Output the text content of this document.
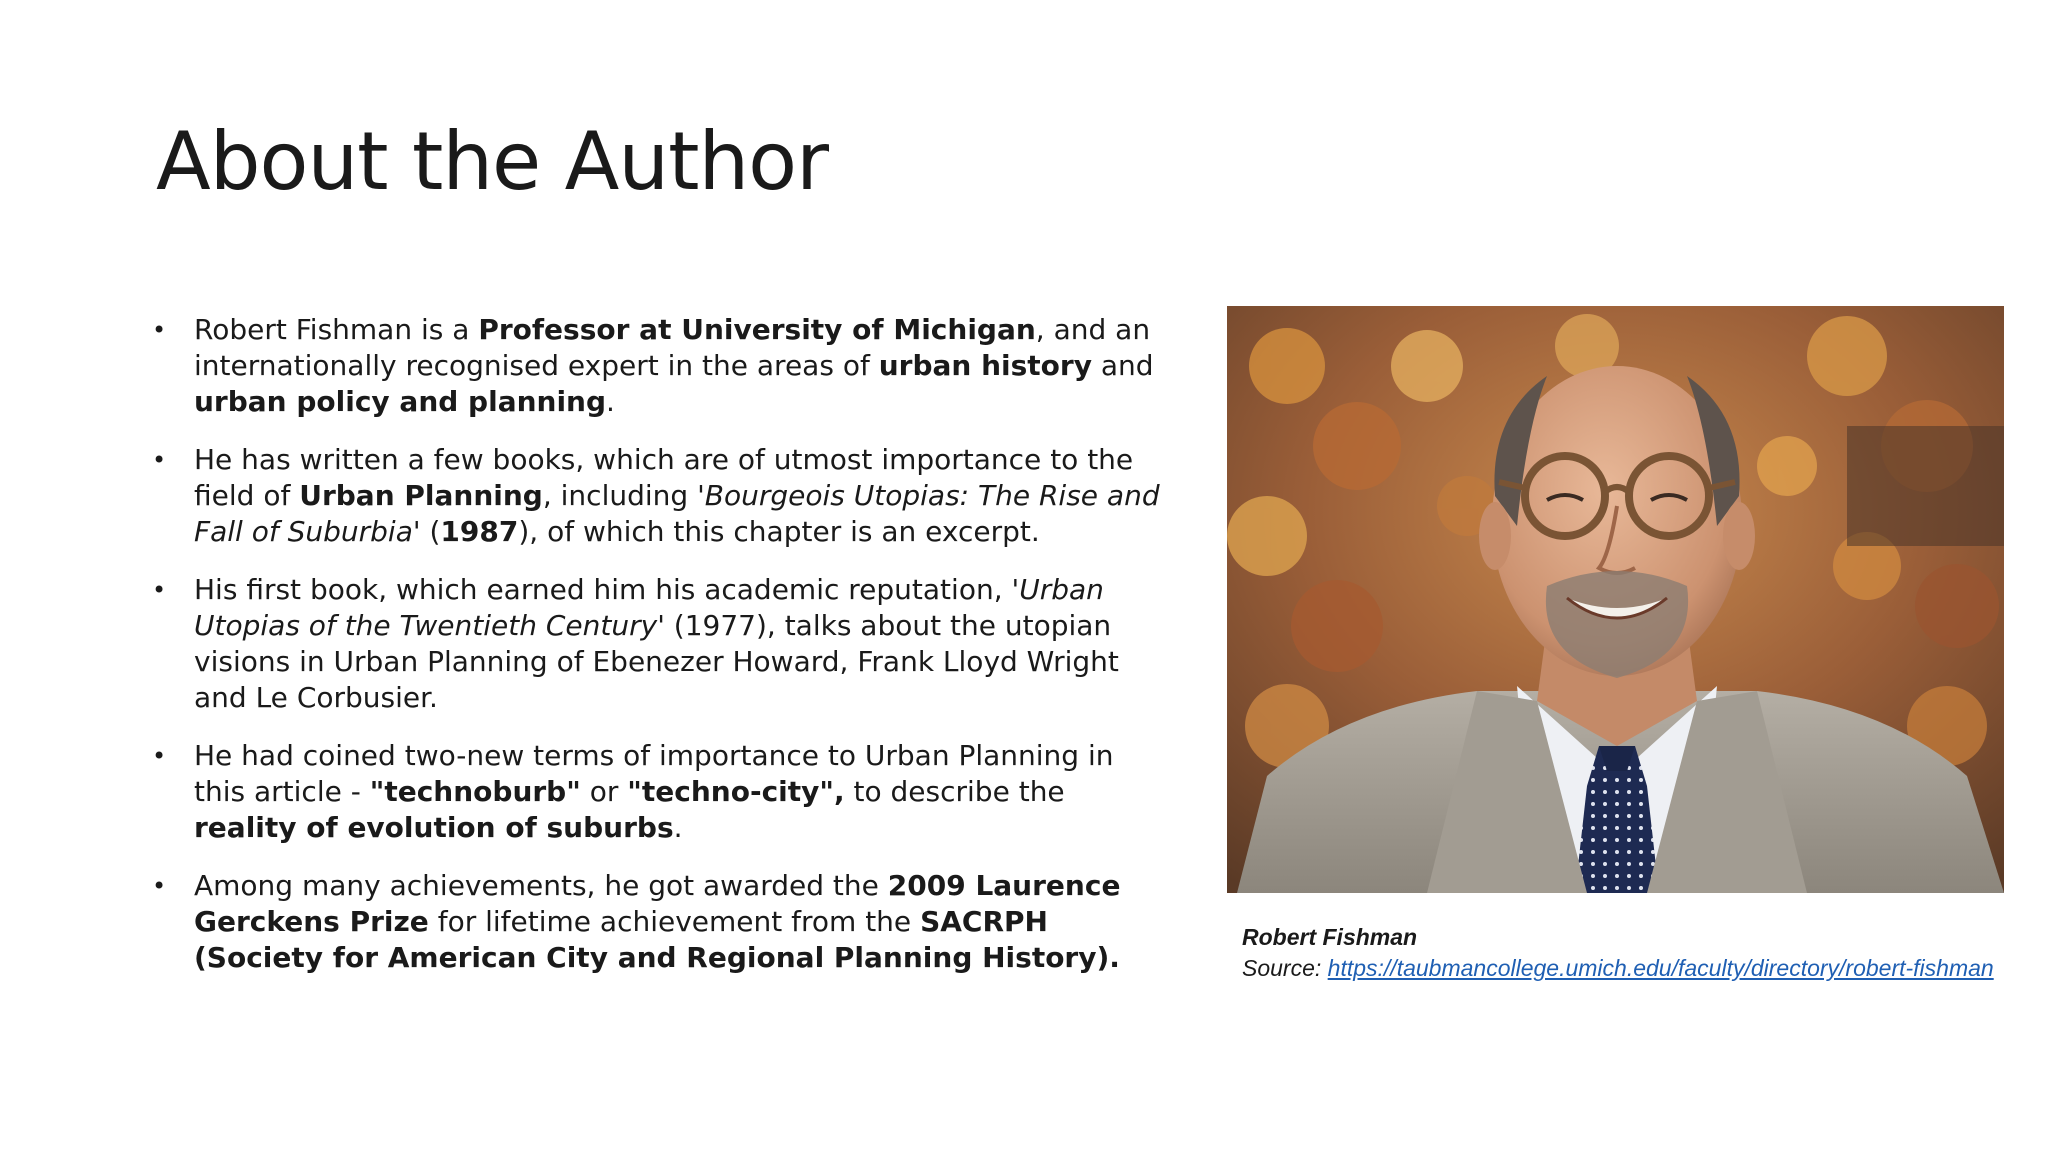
About the Author
• Robert Fishman is a Professor at University of Michigan, and an internationally recognised expert in the areas of urban history and urban policy and planning.
• He has written a few books, which are of utmost importance to the field of Urban Planning, including 'Bourgeois Utopias: The Rise and Fall of Suburbia' (1987), of which this chapter is an excerpt.
• His first book, which earned him his academic reputation, 'Urban Utopias of the Twentieth Century' (1977), talks about the utopian visions in Urban Planning of Ebenezer Howard, Frank Lloyd Wright and Le Corbusier.
• He had coined two-new terms of importance to Urban Planning in this article - "technoburb" or "techno-city", to describe the reality of evolution of suburbs.
• Among many achievements, he got awarded the 2009 Laurence Gerckens Prize for lifetime achievement from the SACRPH (Society for American City and Regional Planning History).
Robert Fishman
Source: https://taubmancollege.umich.edu/faculty/directory/robert-fishman
